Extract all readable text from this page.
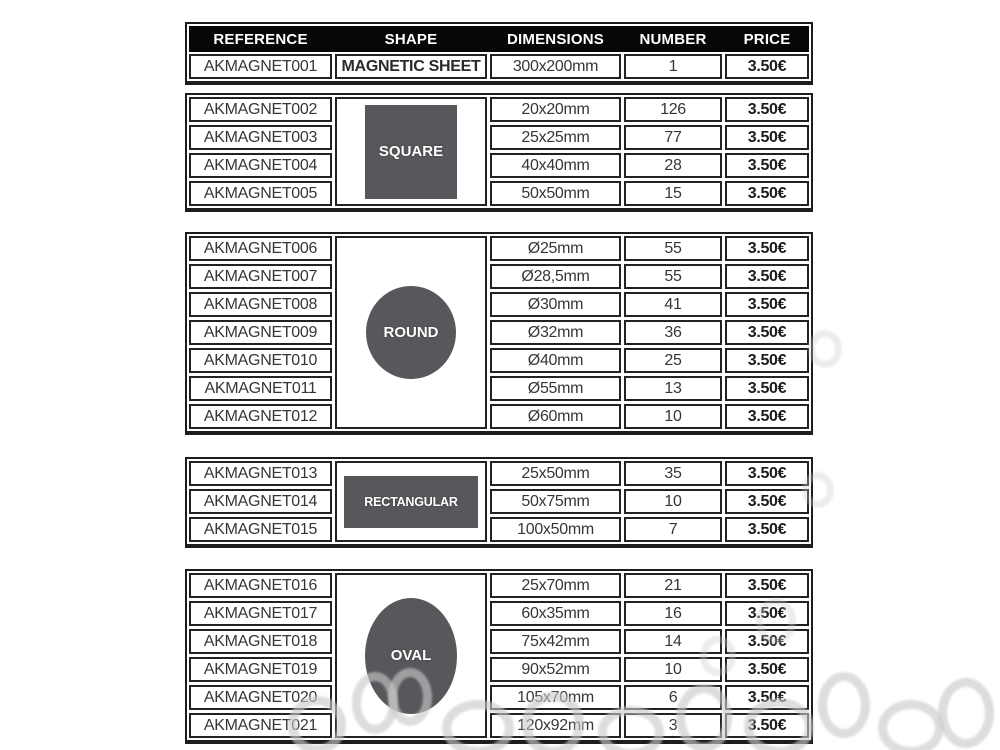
REFERENCE	SHAPE	DIMENSIONS	NUMBER	PRICE
AKMAGNET001	MAGNETIC SHEET	300x200mm	1	3.50€
SQUARE
AKMAGNET002	20x20mm	126	3.50€
AKMAGNET003	25x25mm	77	3.50€
AKMAGNET004	40x40mm	28	3.50€
AKMAGNET005	50x50mm	15	3.50€
ROUND
AKMAGNET006	Ø25mm	55	3.50€
AKMAGNET007	Ø28,5mm	55	3.50€
AKMAGNET008	Ø30mm	41	3.50€
AKMAGNET009	Ø32mm	36	3.50€
AKMAGNET010	Ø40mm	25	3.50€
AKMAGNET011	Ø55mm	13	3.50€
AKMAGNET012	Ø60mm	10	3.50€
RECTANGULAR
AKMAGNET013	25x50mm	35	3.50€
AKMAGNET014	50x75mm	10	3.50€
AKMAGNET015	100x50mm	7	3.50€
OVAL
AKMAGNET016	25x70mm	21	3.50€
AKMAGNET017	60x35mm	16	3.50€
AKMAGNET018	75x42mm	14	3.50€
AKMAGNET019	90x52mm	10	3.50€
AKMAGNET020	105x70mm	6	3.50€
AKMAGNET021	120x92mm	3	3.50€
